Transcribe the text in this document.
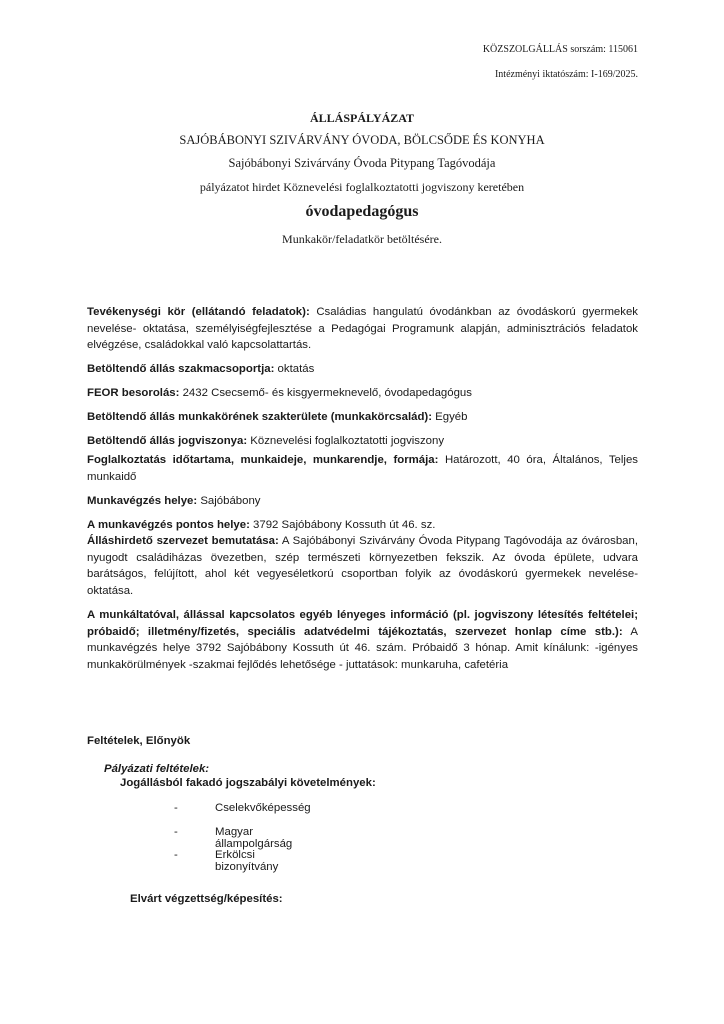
KÖZSZOLGÁLLÁS sorszám: 115061
Intézményi iktatószám: I-169/2025.
ÁLLÁSPÁLYÁZAT
SAJÓBÁBONYI SZIVÁRVÁNY ÓVODA, BÖLCSŐDE ÉS KONYHA
Sajóbábonyi Szivárvány Óvoda Pitypang Tagóvodája
pályázatot hirdet Köznevelési foglalkoztatotti jogviszony keretében
óvodapedagógus
Munkakör/feladatkör betöltésére.
Tevékenységi kör (ellátandó feladatok): Családias hangulatú óvodánkban az óvodáskorú gyermekek nevelése- oktatása, személyiségfejlesztése a Pedagógai Programunk alapján, adminisztrációs feladatok elvégzése, családokkal való kapcsolattartás.
Betöltendő állás szakmacsoportja: oktatás
FEOR besorolás: 2432 Csecsemő- és kisgyermeknevelő, óvodapedagógus
Betöltendő állás munkakörének szakterülete (munkakörcsalád): Egyéb
Betöltendő állás jogviszonya: Köznevelési foglalkoztatotti jogviszony
Foglalkoztatás időtartama, munkaideje, munkarendje, formája: Határozott, 40 óra, Általános, Teljes munkaidő
Munkavégzés helye: Sajóbábony
A munkavégzés pontos helye: 3792 Sajóbábony Kossuth út 46. sz.
Álláshirdető szervezet bemutatása: A Sajóbábonyi Szivárvány Óvoda Pitypang Tagóvodája az óvárosban, nyugodt családiházas övezetben, szép természeti környezetben fekszik. Az óvoda épülete, udvara barátságos, felújított, ahol két vegyeséletkorú csoportban folyik az óvodáskorú gyermekek nevelése- oktatása.
A munkáltatóval, állással kapcsolatos egyéb lényeges információ (pl. jogviszony létesítés feltételei; próbaidő; illetmény/fizetés, speciális adatvédelmi tájékoztatás, szervezet honlap címe stb.): A munkavégzés helye 3792 Sajóbábony Kossuth út 46. szám. Próbaidő 3 hónap. Amit kínálunk: -igényes munkakörülmények -szakmai fejlődés lehetősége - juttatások: munkaruha, cafetéria
Feltételek, Előnyök
Pályázati feltételek:
Jogállásból fakadó jogszabályi követelmények:
-	Cselekvőképesség
-	Magyar állampolgárság
-	Erkölcsi bizonyítvány
Elvárt végzettség/képesítés:
